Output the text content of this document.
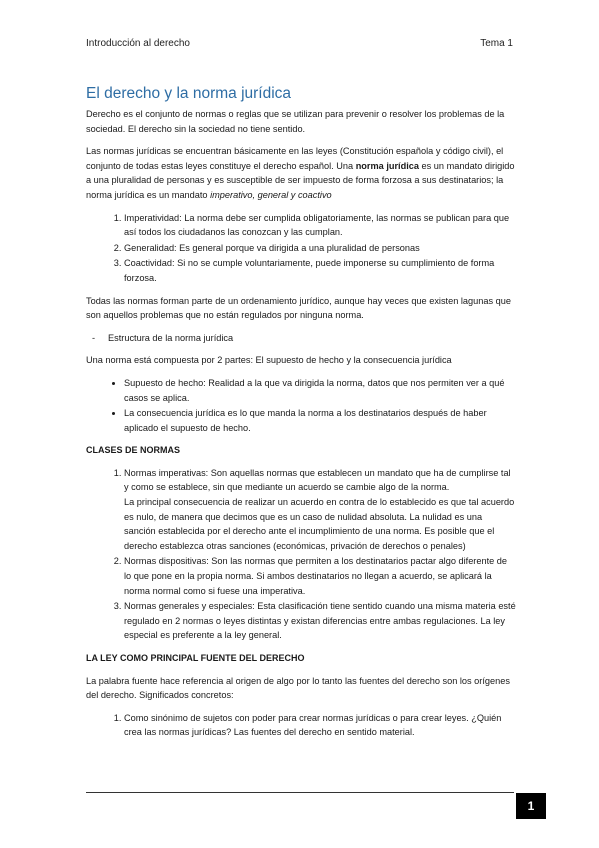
Introducción al derecho	Tema 1
El derecho y la norma jurídica

Derecho es el conjunto de normas o reglas que se utilizan para prevenir o resolver los problemas de la sociedad. El derecho sin la sociedad no tiene sentido.

Las normas jurídicas se encuentran básicamente en las leyes (Constitución española y código civil), el conjunto de todas estas leyes constituye el derecho español. Una norma jurídica es un mandato dirigido a una pluralidad de personas y es susceptible de ser impuesto de forma forzosa a sus destinatarios; la norma jurídica es un mandato imperativo, general y coactivo

1. Imperatividad: La norma debe ser cumplida obligatoriamente, las normas se publican para que así todos los ciudadanos las conozcan y las cumplan.
2. Generalidad: Es general porque va dirigida a una pluralidad de personas
3. Coactividad: Si no se cumple voluntariamente, puede imponerse su cumplimiento de forma forzosa.

Todas las normas forman parte de un ordenamiento jurídico, aunque hay veces que existen lagunas que son aquellos problemas que no están regulados por ninguna norma.

- Estructura de la norma jurídica

Una norma está compuesta por 2 partes: El supuesto de hecho y la consecuencia jurídica

• Supuesto de hecho: Realidad a la que va dirigida la norma, datos que nos permiten ver a qué casos se aplica.
• La consecuencia jurídica es lo que manda la norma a los destinatarios después de haber aplicado el supuesto de hecho.
CLASES DE NORMAS
1. Normas imperativas: Son aquellas normas que establecen un mandato que ha de cumplirse tal y como se establece, sin que mediante un acuerdo se cambie algo de la norma.
La principal consecuencia de realizar un acuerdo en contra de lo establecido es que tal acuerdo es nulo, de manera que decimos que es un caso de nulidad absoluta. La nulidad es una sanción establecida por el derecho ante el incumplimiento de una norma. Es posible que el derecho establezca otras sanciones (económicas, privación de derechos o penales)
2. Normas dispositivas: Son las normas que permiten a los destinatarios pactar algo diferente de lo que pone en la propia norma. Si ambos destinatarios no llegan a acuerdo, se aplicará la norma normal como si fuese una imperativa.
3. Normas generales y especiales: Esta clasificación tiene sentido cuando una misma materia esté regulado en 2 normas o leyes distintas y existan diferencias entre ambas regulaciones. La ley especial es preferente a la ley general.
LA LEY COMO PRINCIPAL FUENTE DEL DERECHO

La palabra fuente hace referencia al origen de algo por lo tanto las fuentes del derecho son los orígenes del derecho. Significados concretos:

1. Como sinónimo de sujetos con poder para crear normas jurídicas o para crear leyes. ¿Quién crea las normas jurídicas? Las fuentes del derecho en sentido material.
1
